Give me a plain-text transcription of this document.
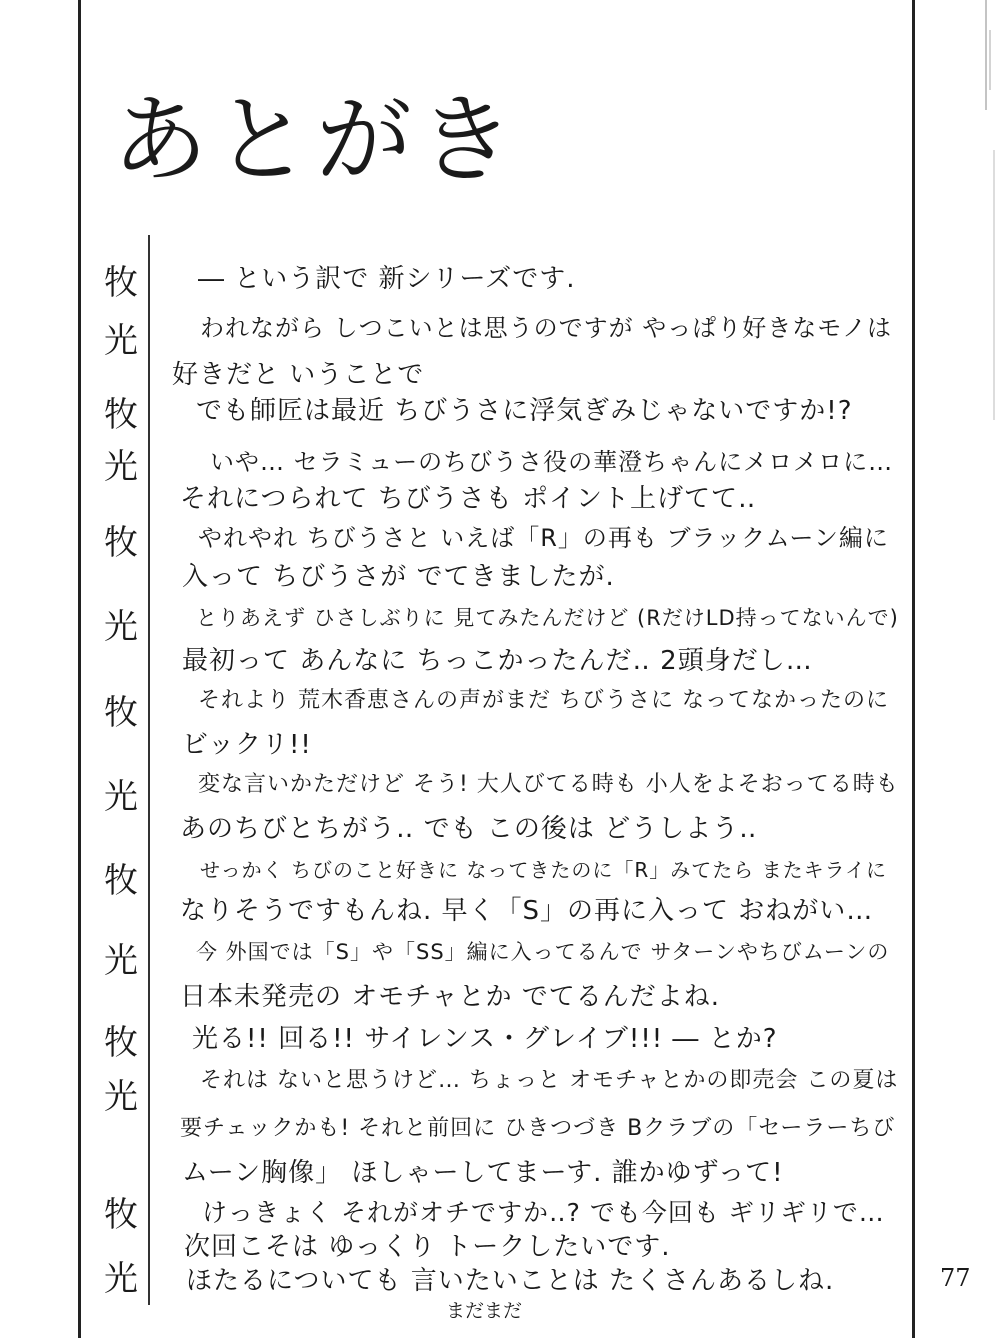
あとがき
牧
光
牧
光
牧
光
牧
光
牧
光
牧
光
牧
光
― という訳で 新シリーズです.
われながら しつこいとは思うのですが やっぱり好きなモノは
好きだと いうことで
でも師匠は最近 ちびうさに浮気ぎみじゃないですか!?
いや… セラミューのちびうさ役の華澄ちゃんにメロメロに…
それにつられて ちびうさも ポイント上げてて‥
やれやれ ちびうさと いえば「R」の再も ブラックムーン編に
入って ちびうさが でてきましたが.
とりあえず ひさしぶりに 見てみたんだけど (RだけLD持ってないんで)
最初って あんなに ちっこかったんだ‥ 2頭身だし…
それより 荒木香恵さんの声がまだ ちびうさに なってなかったのに
ビックリ!!
変な言いかただけど そう! 大人びてる時も 小人をよそおってる時も
あのちびとちがう‥ でも この後は どうしよう‥
せっかく ちびのこと好きに なってきたのに「R」みてたら またキライに
なりそうですもんね. 早く「S」の再に入って おねがい…
今 外国では「S」や「SS」編に入ってるんで サターンやちびムーンの
日本未発売の オモチャとか でてるんだよね.
光る!! 回る!! サイレンス・グレイブ!!! ― とか?
それは ないと思うけど… ちょっと オモチャとかの即売会 この夏は
要チェックかも! それと前回に ひきつづき Bクラブの「セーラーちび
ムーン胸像」 ほしゃーしてまーす. 誰かゆずって!
けっきょく それがオチですか‥? でも今回も ギリギリで…
次回こそは ゆっくり トークしたいです.
ほたるについても 言いたいことは たくさんあるしね.
まだまだ
77
